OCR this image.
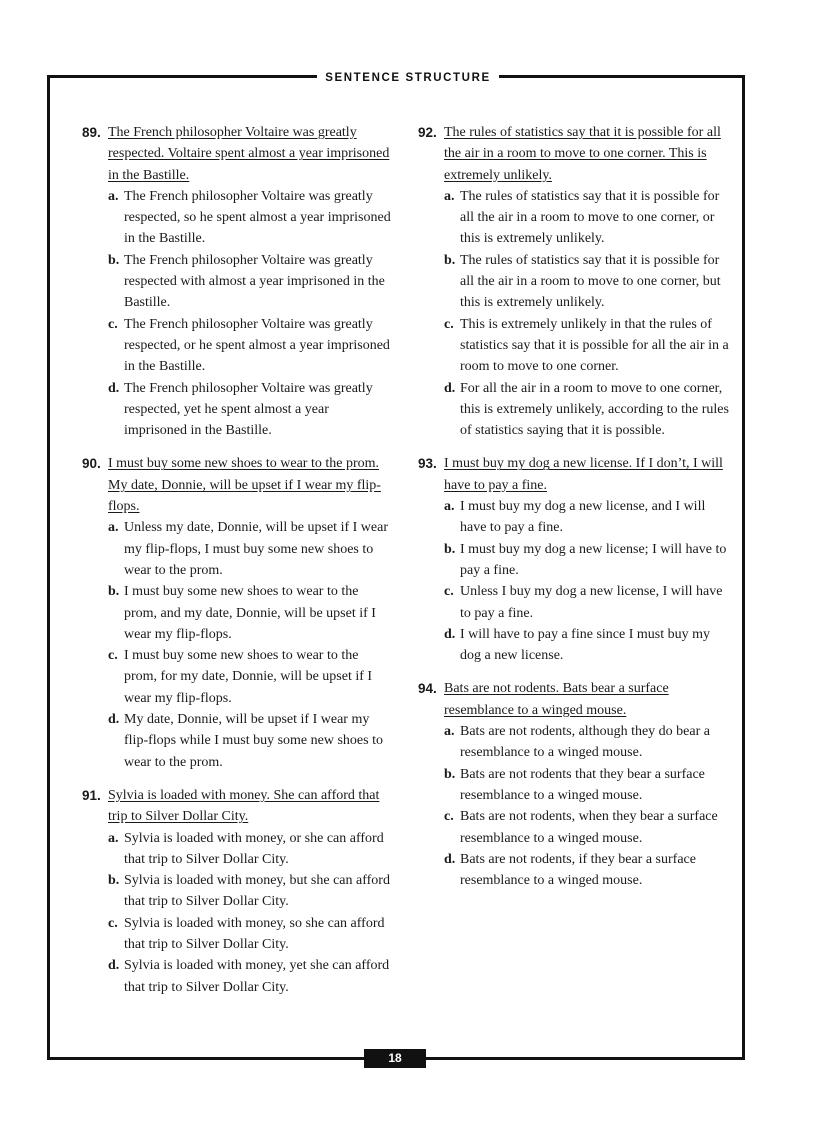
SENTENCE STRUCTURE
89. The French philosopher Voltaire was greatly respected. Voltaire spent almost a year imprisoned in the Bastille.
a. The French philosopher Voltaire was greatly respected, so he spent almost a year imprisoned in the Bastille.
b. The French philosopher Voltaire was greatly respected with almost a year imprisoned in the Bastille.
c. The French philosopher Voltaire was greatly respected, or he spent almost a year imprisoned in the Bastille.
d. The French philosopher Voltaire was greatly respected, yet he spent almost a year imprisoned in the Bastille.
90. I must buy some new shoes to wear to the prom. My date, Donnie, will be upset if I wear my flip-flops.
a. Unless my date, Donnie, will be upset if I wear my flip-flops, I must buy some new shoes to wear to the prom.
b. I must buy some new shoes to wear to the prom, and my date, Donnie, will be upset if I wear my flip-flops.
c. I must buy some new shoes to wear to the prom, for my date, Donnie, will be upset if I wear my flip-flops.
d. My date, Donnie, will be upset if I wear my flip-flops while I must buy some new shoes to wear to the prom.
91. Sylvia is loaded with money. She can afford that trip to Silver Dollar City.
a. Sylvia is loaded with money, or she can afford that trip to Silver Dollar City.
b. Sylvia is loaded with money, but she can afford that trip to Silver Dollar City.
c. Sylvia is loaded with money, so she can afford that trip to Silver Dollar City.
d. Sylvia is loaded with money, yet she can afford that trip to Silver Dollar City.
92. The rules of statistics say that it is possible for all the air in a room to move to one corner. This is extremely unlikely.
a. The rules of statistics say that it is possible for all the air in a room to move to one corner, or this is extremely unlikely.
b. The rules of statistics say that it is possible for all the air in a room to move to one corner, but this is extremely unlikely.
c. This is extremely unlikely in that the rules of statistics say that it is possible for all the air in a room to move to one corner.
d. For all the air in a room to move to one corner, this is extremely unlikely, according to the rules of statistics saying that it is possible.
93. I must buy my dog a new license. If I don’t, I will have to pay a fine.
a. I must buy my dog a new license, and I will have to pay a fine.
b. I must buy my dog a new license; I will have to pay a fine.
c. Unless I buy my dog a new license, I will have to pay a fine.
d. I will have to pay a fine since I must buy my dog a new license.
94. Bats are not rodents. Bats bear a surface resemblance to a winged mouse.
a. Bats are not rodents, although they do bear a resemblance to a winged mouse.
b. Bats are not rodents that they bear a surface resemblance to a winged mouse.
c. Bats are not rodents, when they bear a surface resemblance to a winged mouse.
d. Bats are not rodents, if they bear a surface resemblance to a winged mouse.
18
